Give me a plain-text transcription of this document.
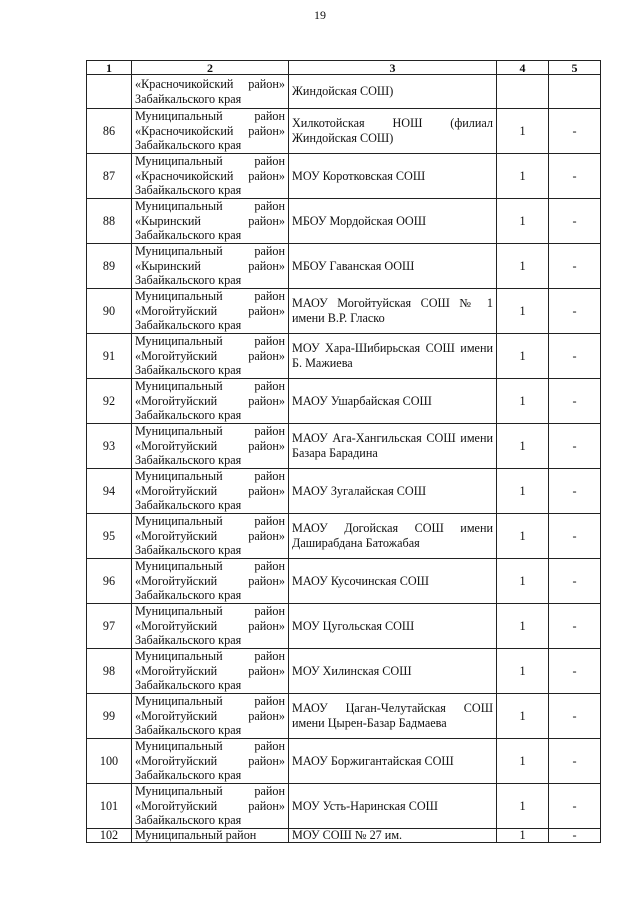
19
1	2	3	4	5
	«Красночикойский район» Забайкальского края	Жиндойская СОШ)		
86	Муниципальный район «Красночикойский район» Забайкальского края	Хилкотойская НОШ (филиал Жиндойская СОШ)	1	-
87	Муниципальный район «Красночикойский район» Забайкальского края	МОУ Коротковская СОШ	1	-
88	Муниципальный район «Кыринский район» Забайкальского края	МБОУ Мордойская ООШ	1	-
89	Муниципальный район «Кыринский район» Забайкальского края	МБОУ Гаванская ООШ	1	-
90	Муниципальный район «Могойтуйский район» Забайкальского края	МАОУ Могойтуйская СОШ № 1 имени В.Р. Гласко	1	-
91	Муниципальный район «Могойтуйский район» Забайкальского края	МОУ Хара-Шибирьская СОШ имени Б. Мажиева	1	-
92	Муниципальный район «Могойтуйский район» Забайкальского края	МАОУ Ушарбайская СОШ	1	-
93	Муниципальный район «Могойтуйский район» Забайкальского края	МАОУ Ага-Хангильская СОШ имени Базара Барадина	1	-
94	Муниципальный район «Могойтуйский район» Забайкальского края	МАОУ Зугалайская СОШ	1	-
95	Муниципальный район «Могойтуйский район» Забайкальского края	МАОУ Догойская СОШ имени Даширабдана Батожабая	1	-
96	Муниципальный район «Могойтуйский район» Забайкальского края	МАОУ Кусочинская СОШ	1	-
97	Муниципальный район «Могойтуйский район» Забайкальского края	МОУ Цугольская СОШ	1	-
98	Муниципальный район «Могойтуйский район» Забайкальского края	МОУ Хилинская СОШ	1	-
99	Муниципальный район «Могойтуйский район» Забайкальского края	МАОУ Цаган-Челутайская СОШ имени Цырен-Базар Бадмаева	1	-
100	Муниципальный район «Могойтуйский район» Забайкальского края	МАОУ Боржигантайская СОШ	1	-
101	Муниципальный район «Могойтуйский район» Забайкальского края	МОУ Усть-Наринская СОШ	1	-
102	Муниципальный район	МОУ СОШ № 27 им.	1	-
